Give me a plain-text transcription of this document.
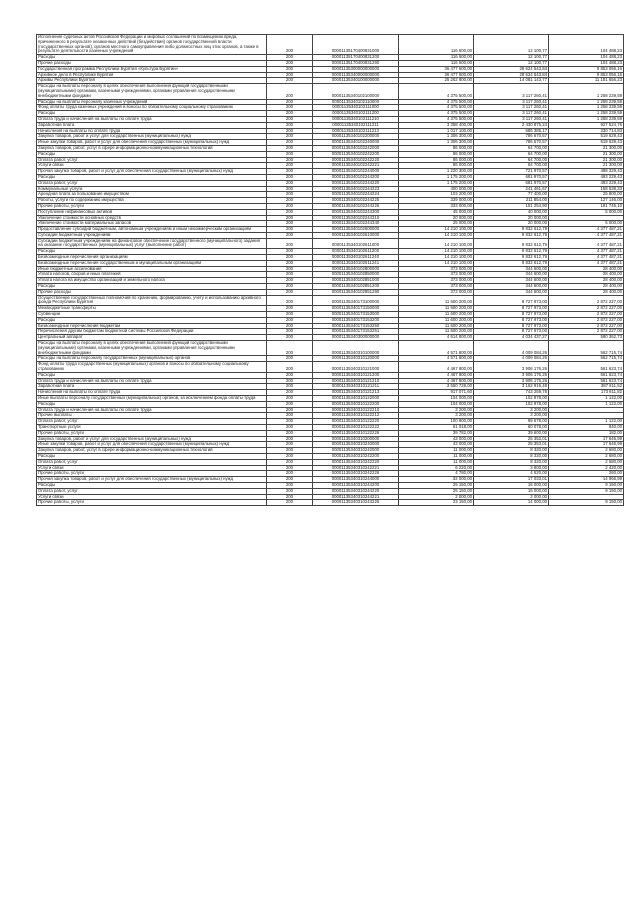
Исполнение судебных актов Российской Федерации и мировых соглашений по возмещению вреда, причиненного в результате незаконных действий (бездействия) органов государственной власти (государственных органов), органов местного самоуправления либо должностных лиц этих органов, а также в результате деятельности казенных учреждений	200	00001135170400831000	116 600,00	12 100,77	104 488,23
Расходы	200	00001135170400831200	116 600,00	12 100,77	104 488,23
Прочие расходы	200	00001135170400831290	116 600,00	12 100,77	104 488,23
Государственная программа Республики Бурятия «Культура Бурятии»	200	00001135300000000000	36 477 600,00	28 624 543,84	9 853 056,16
Архивное дело в Республике Бурятия	200	00001135340000000000	36 477 600,00	28 624 543,84	9 853 056,16
Архивы Республики Бурятия	200	00001135340100000000	25 262 800,00	14 081 143,77	11 181 656,23
Расходы на выплаты персоналу в целях обеспечения выполнения функций государственными (муниципальными) органами, казенными учреждениями, органами управления государственными внебюджетными фондами	200	00001135340102100000	4 375 500,00	3 117 260,41	1 258 239,59
Расходы на выплаты персоналу казенных учреждений	200	00001135340102110000	4 375 500,00	3 117 260,41	1 258 239,59
Фонд оплаты труда казенных учреждений и взносы по обязательному социальному страхованию	200	00001135340102111000	4 375 500,00	3 117 260,41	1 258 239,59
Расходы	200	00001135340102111200	4 375 500,00	3 117 260,41	1 258 239,59
Оплата труда и начисления на выплаты по оплате труда	200	00001135340102111210	4 375 500,00	3 117 260,41	1 258 239,59
Заработная плата	200	00001135340102111211	3 358 400,00	2 430 875,24	927 524,76
Начисления на выплаты по оплате труда	200	00001135340102111213	1 017 100,00	686 385,17	330 714,83
Закупка товаров, работ и услуг для государственных (муниципальных) нужд	200	00001135340102200000	1 306 300,00	786 670,57	519 629,43
Иные закупки товаров, работ и услуг для обеспечения государственных (муниципальных) нужд	200	00001135340102240000	1 306 300,00	786 670,57	519 629,43
Закупка товаров, работ, услуг в сфере информационно-коммуникационных технологий	200	00001135340102242000	86 000,00	64 700,00	21 300,00
Расходы	200	00001135340102242200	86 000,00	64 700,00	21 300,00
Оплата работ, услуг	200	00001135340102242220	86 000,00	64 700,00	21 300,00
Услуги связи	200	00001135340102242221	86 000,00	64 700,00	21 300,00
Прочая закупка товаров, работ и услуг для обеспечения государственных (муниципальных) нужд	200	00001135340102244000	1 220 300,00	721 970,57	498 329,43
Расходы	200	00001135340102244200	1 175 200,00	681 970,57	493 229,43
Оплата работ, услуг	200	00001135340102244220	1 175 200,00	681 970,57	493 229,43
Коммунальные услуги	200	00001135340102244223	400 000,00	241 461,67	158 538,33
Арендная плата за пользование имуществом	200	00001135340102244224	103 200,00	77 400,00	25 800,00
Работы, услуги по содержанию имущества	200	00001135340102244225	339 000,00	211 854,00	127 146,00
Прочие работы, услуги	200	00001135340102244226	333 000,00	151 254,90	181 745,10
Поступление нефинансовых активов	200	00001135340102244300	45 000,00	40 000,00	5 000,00
Увеличение стоимости основных средств	200	00001135340102244310	20 000,00	20 000,00	
Увеличение стоимости материальных запасов	200	00001135340102244340	25 000,00	20 000,00	5 000,00
Предоставление субсидий бюджетным, автономным учреждениям и иным некоммерческим организациям	200	00001135340102600000	14 210 100,00	9 832 612,79	4 377 487,21
Субсидии бюджетным учреждениям	200	00001135340102610000	14 210 100,00	9 832 612,79	4 377 487,21
Субсидии бюджетным учреждениям на финансовое обеспечение государственного (муниципального) задания на оказание государственных (муниципальных) услуг (выполнение работ)	200	00001135340102611000	14 210 100,00	9 832 612,79	4 377 487,21
Расходы	200	00001135340102611200	14 210 100,00	9 832 612,79	4 377 487,21
Безвозмездные перечисления организациям	200	00001135340102611240	14 210 100,00	9 832 612,79	4 377 487,21
Безвозмездные перечисления государственным и муниципальным организациям	200	00001135340102611241	14 210 100,00	9 832 612,79	4 377 487,21
Иные бюджетные ассигнования	200	00001135340102800000	373 000,00	344 600,00	28 400,00
Уплата налогов, сборов и иных платежей	200	00001135340102850000	373 000,00	344 600,00	28 400,00
Уплата налога на имущество организаций и земельного налога	200	00001135340102851000	373 000,00	344 600,00	28 400,00
Расходы	200	00001135340102851200	373 000,00	344 600,00	28 400,00
Прочие расходы	200	00001135340102851290	373 000,00	344 600,00	28 400,00
Осуществление государственных полномочий по хранению, формированию, учету и использованию архивного фонда Республики Бурятия	200	00001135340173100000	11 600 200,00	8 727 973,00	2 872 227,00
Межбюджетные трансферты	200	00001135340173150000	11 600 200,00	8 727 973,00	2 872 227,00
Субвенции	200	00001135340173153000	11 600 200,00	8 727 973,00	2 872 227,00
Расходы	200	00001135340173153200	11 600 200,00	8 727 973,00	2 872 227,00
Безвозмездные перечисления бюджетам	200	00001135340173153250	11 600 200,00	8 727 973,00	2 872 227,00
Перечисления другим бюджетам бюджетной системы Российской Федерации	200	00001135340173153251	11 600 200,00	8 727 973,00	2 872 227,00
Центральный аппарат	200	00001135340300000000	4 614 800,00	4 034 437,27	580 362,73
Расходы на выплаты персоналу в целях обеспечения выполнения функций государственными (муниципальными) органами, казенными учреждениями, органами управления государственными внебюджетными фондами	200	00001135340310100000	4 571 800,00	4 009 084,26	562 715,74
Расходы на выплаты персоналу государственных (муниципальных) органов	200	00001135340310120000	4 571 800,00	4 009 084,26	562 715,74
Фонд оплаты труда государственных (муниципальных) органов и взносы по обязательному социальному страхованию	200	00001135340310121000	4 467 800,00	3 906 176,26	561 623,74
Расходы	200	00001135340310121200	4 467 800,00	3 906 176,26	561 623,74
Оплата труда и начисления на выплаты по оплате труда	200	00001135340310121210	4 467 800,00	3 906 176,26	561 623,74
Заработная плата	200	00001135340310121211	3 550 728,00	3 162 916,48	387 811,52
Начисления на выплаты по оплате труда	200	00001135340310121213	917 071,60	743 259,78	173 811,82
Иные выплаты персоналу государственных (муниципальных) органов, за исключением фонда оплаты труда	200	00001135340310122000	104 000,00	102 878,00	1 122,00
Расходы	200	00001135340310122200	104 000,00	102 878,00	1 122,00
Оплата труда и начисления на выплаты по оплате труда	200	00001135340310122210	3 200,00	3 200,00	
Прочие выплаты	200	00001135340310122212	3 200,00	3 200,00	
Оплата работ, услуг	200	00001135340310122220	100 800,00	99 678,00	1 122,00
Транспортные услуги	200	00001135340310122222	61 018,00	60 078,00	940,00
Прочие работы, услуги	200	00001135340310122226	39 782,00	39 600,00	182,00
Закупка товаров, работ и услуг для государственных (муниципальных) нужд	200	00001135340310200000	43 000,00	25 353,01	17 646,99
Иные закупки товаров, работ и услуг для обеспечения государственных (муниципальных) нужд	200	00001135340310240000	43 000,00	25 353,01	17 646,99
Закупка товаров, работ, услуг в сфере информационно-коммуникационных технологий	200	00001135340310242000	11 000,00	8 320,00	2 680,00
Расходы	200	00001135340310242200	11 000,00	8 320,00	2 680,00
Оплата работ, услуг	200	00001135340310242220	11 000,00	8 320,00	2 680,00
Услуги связи	200	00001135340310242221	6 220,00	3 800,00	2 420,00
Прочие работы, услуги	200	00001135340310242226	4 780,00	4 520,00	260,00
Прочая закупка товаров, работ и услуг для обеспечения государственных (муниципальных) нужд	200	00001135340310244000	32 000,00	17 033,01	14 966,99
Расходы	200	00001135340310244200	25 150,00	16 000,00	9 150,00
Оплата работ, услуг	200	00001135340310244220	25 150,00	16 000,00	9 150,00
Услуги связи	200	00001135340310244221	2 000,00	2 000,00	
Прочие работы, услуги	200	00001135340310244226	23 150,00	14 000,00	9 150,00
